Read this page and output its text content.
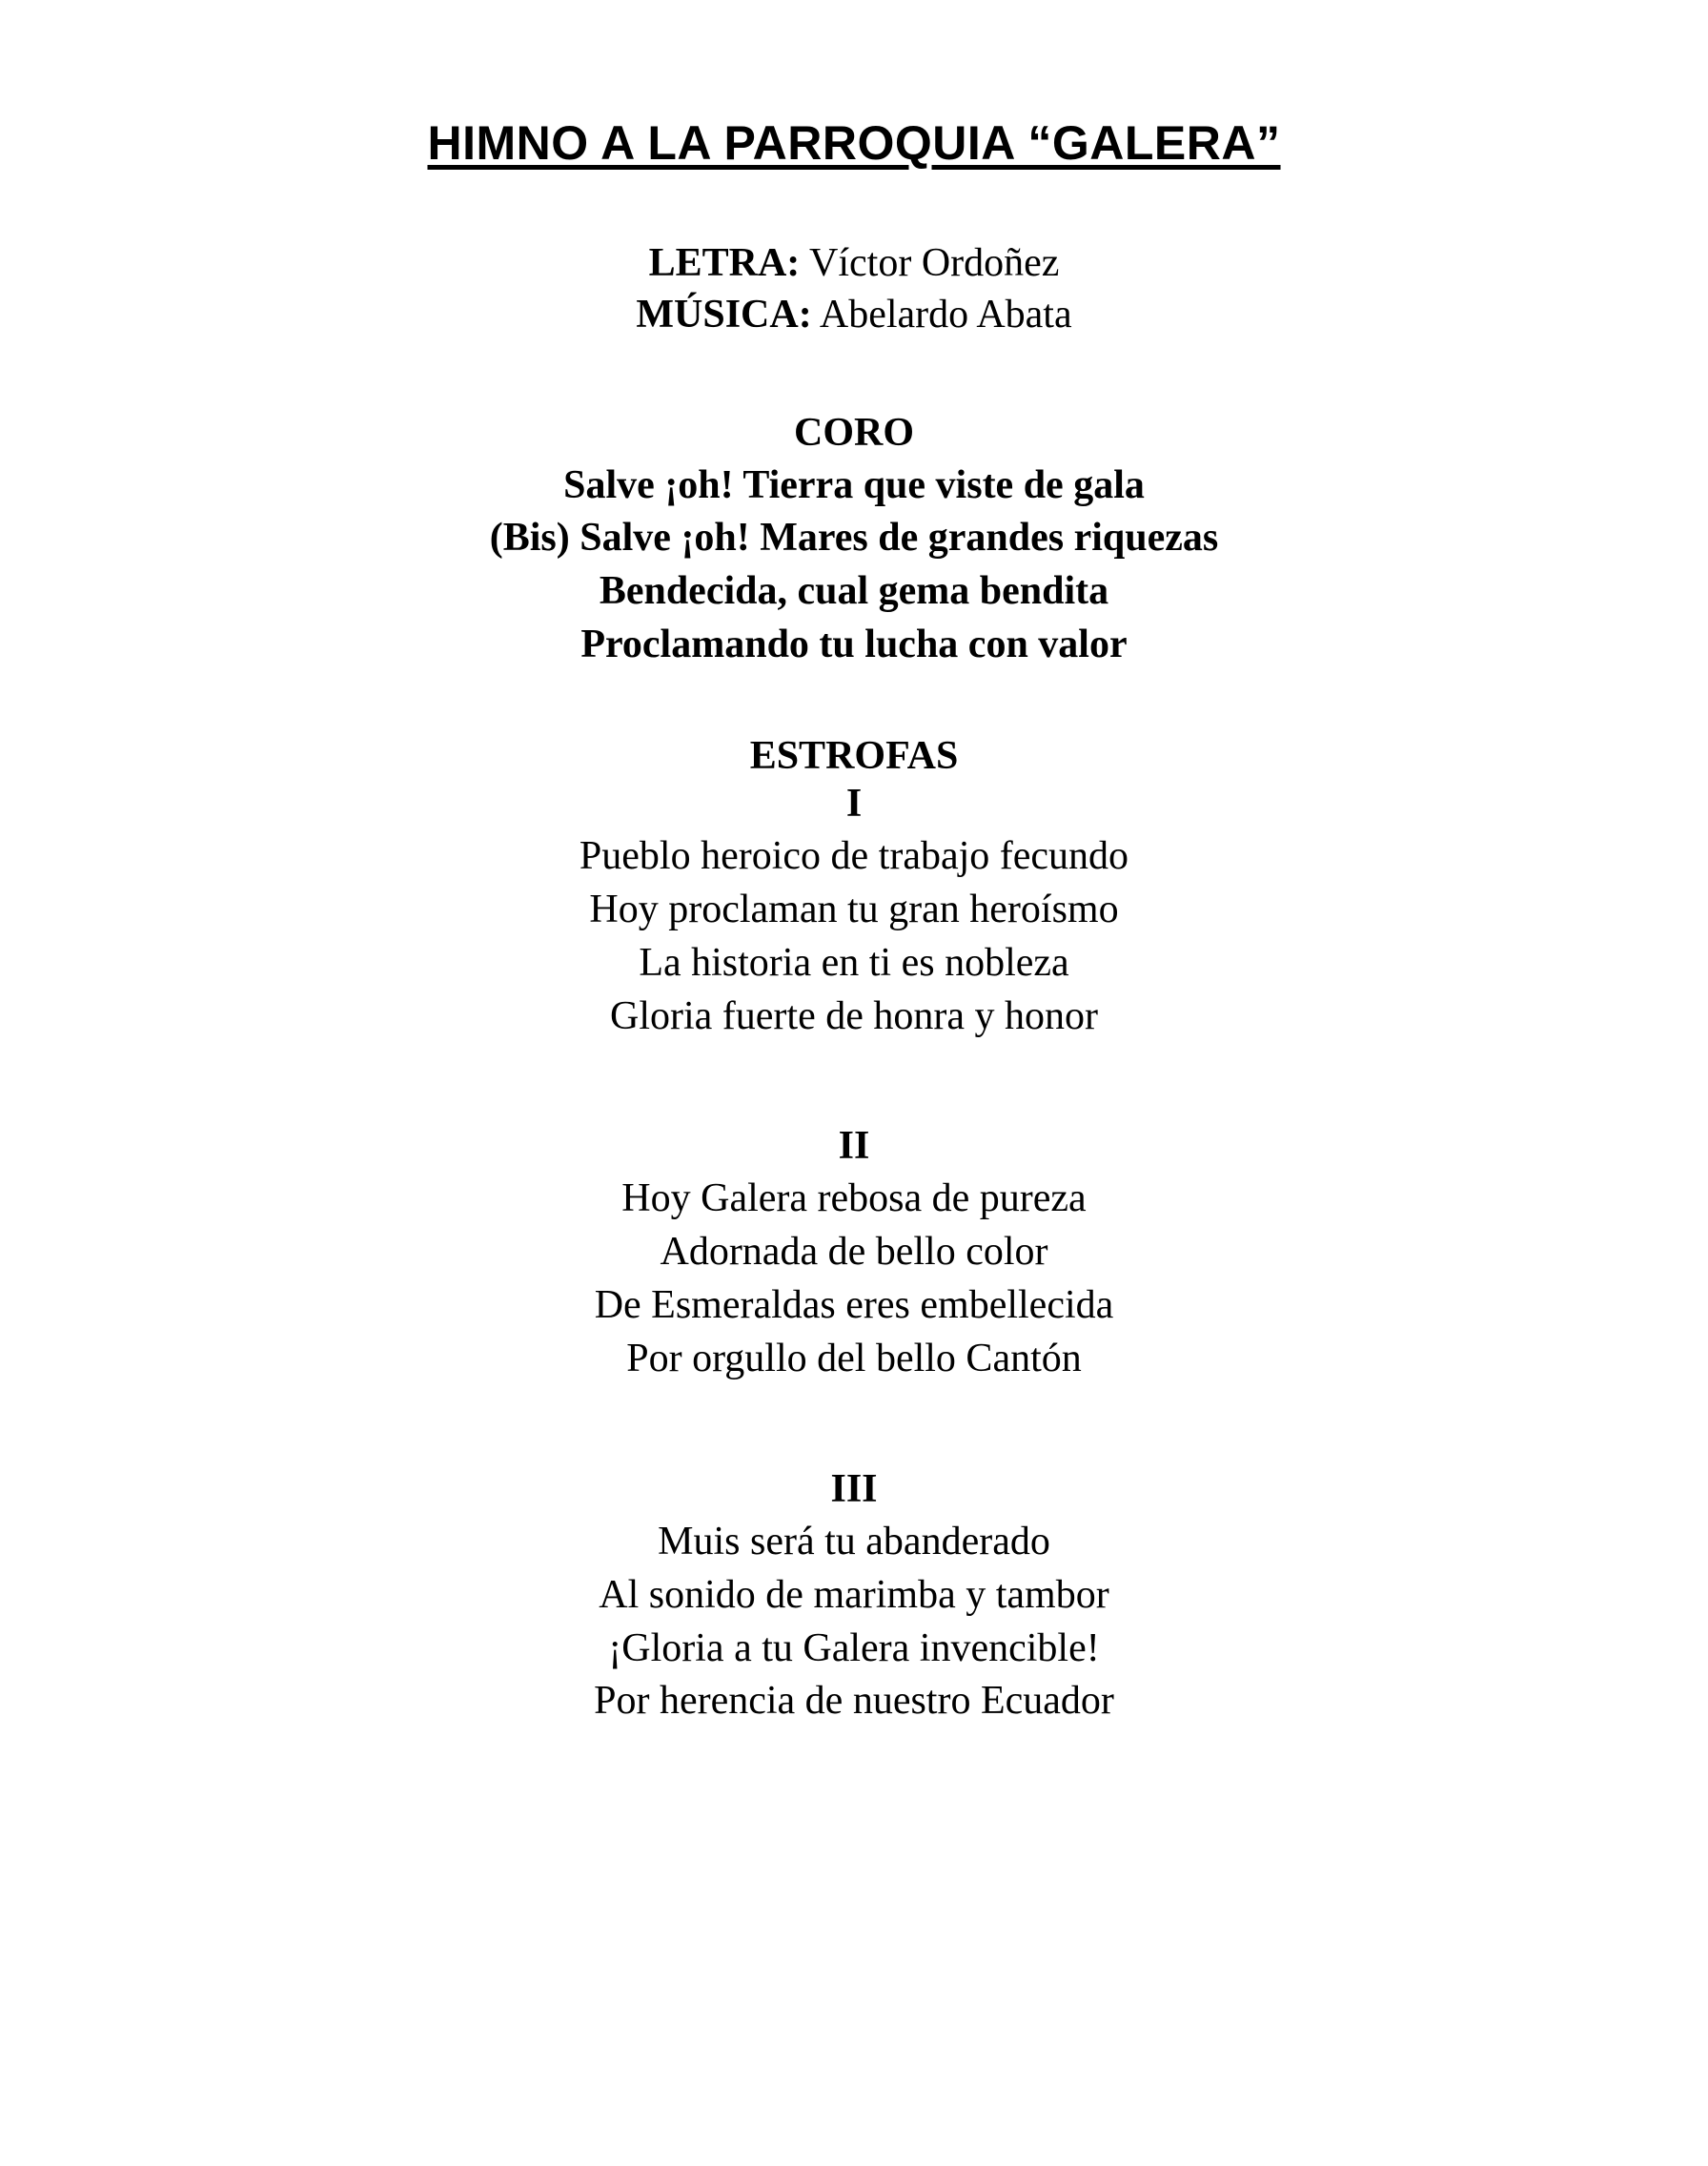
HIMNO A LA PARROQUIA “GALERA”
LETRA: Víctor Ordoñez
MÚSICA: Abelardo Abata
CORO
Salve ¡oh! Tierra que viste de gala
(Bis) Salve ¡oh! Mares de grandes riquezas
Bendecida, cual gema bendita
Proclamando tu lucha con valor
ESTROFAS
I
Pueblo heroico de trabajo fecundo
Hoy proclaman tu gran heroísmo
La historia en ti es nobleza
Gloria fuerte de honra y honor
II
Hoy Galera rebosa de pureza
Adornada de bello color
De Esmeraldas eres embellecida
Por orgullo del bello Cantón
III
Muis será tu abanderado
Al sonido de marimba y tambor
¡Gloria a tu Galera invencible!
Por herencia de nuestro Ecuador
